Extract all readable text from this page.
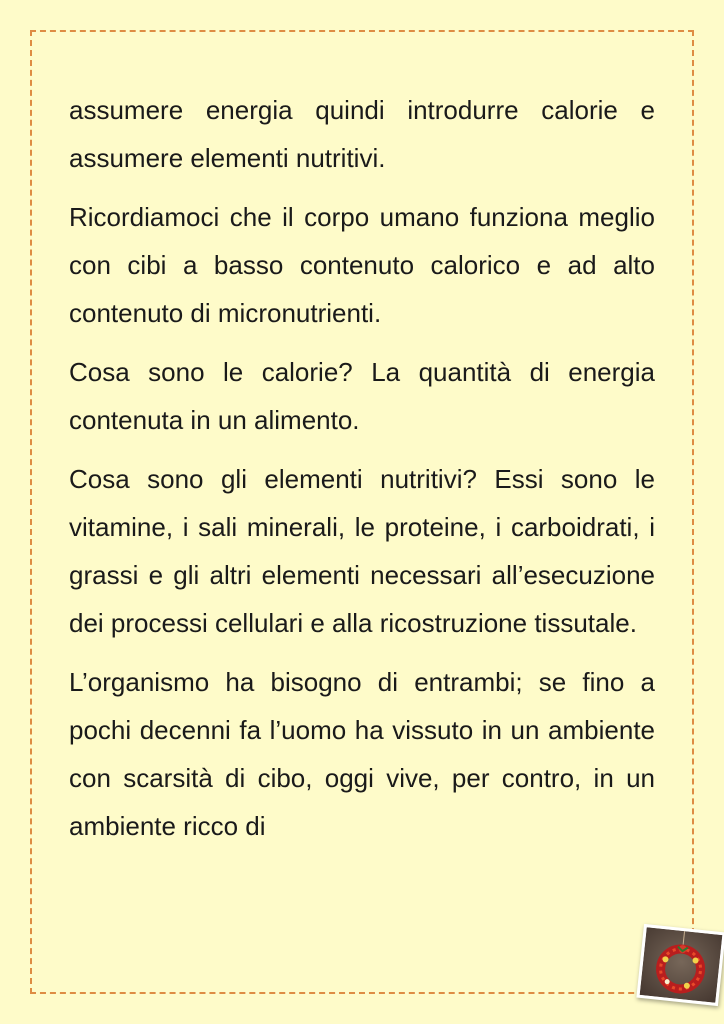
assumere energia quindi introdurre calorie e assumere elementi nutritivi.

Ricordiamoci che il corpo umano funziona meglio con cibi a basso contenuto calorico e ad alto contenuto di micronutrienti.

Cosa sono le calorie? La quantità di energia contenuta in un alimento.

Cosa sono gli elementi nutritivi? Essi sono le vitamine, i sali minerali, le proteine, i carboidrati, i grassi e gli altri elementi necessari all’esecuzione dei processi cellulari e alla ricostruzione tissutale.

L’organismo ha bisogno di entrambi; se fino a pochi decenni fa l’uomo ha vissuto in un ambiente con scarsità di cibo, oggi vive, per contro, in un ambiente ricco di
